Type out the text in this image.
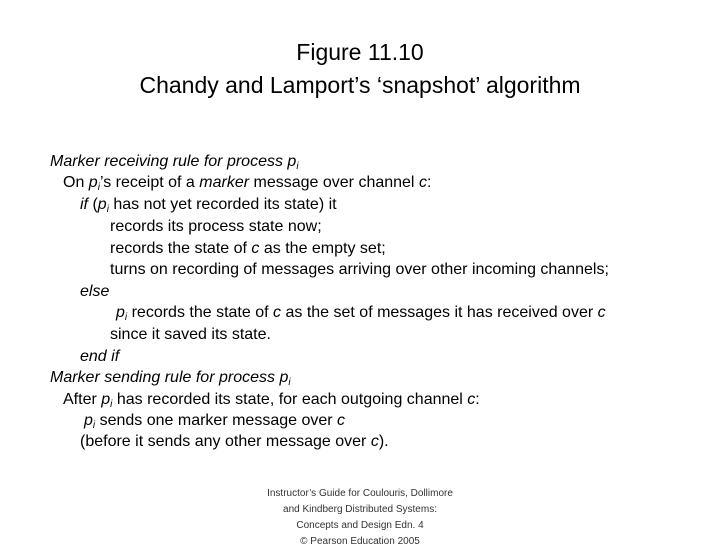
Figure 11.10
Chandy and Lamport’s ‘snapshot’ algorithm
Marker receiving rule for process $p_i$
On $p_i’s$ receipt of a marker message over channel c:
if ($p_i$ has not yet recorded its state) it
records its process state now;
records the state of c as the empty set;
turns on recording of messages arriving over other incoming channels;
else
$p_i$ records the state of c as the set of messages it has received over c
since it saved its state.
end if
Marker sending rule for process $p_i$
After $p_i$ has recorded its state, for each outgoing channel c:
$p_i$ sends one marker message over c
(before it sends any other message over c).
Instructor’s Guide for Coulouris, Dollimore
and Kindberg Distributed Systems:
Concepts and Design Edn. 4
© Pearson Education 2005
